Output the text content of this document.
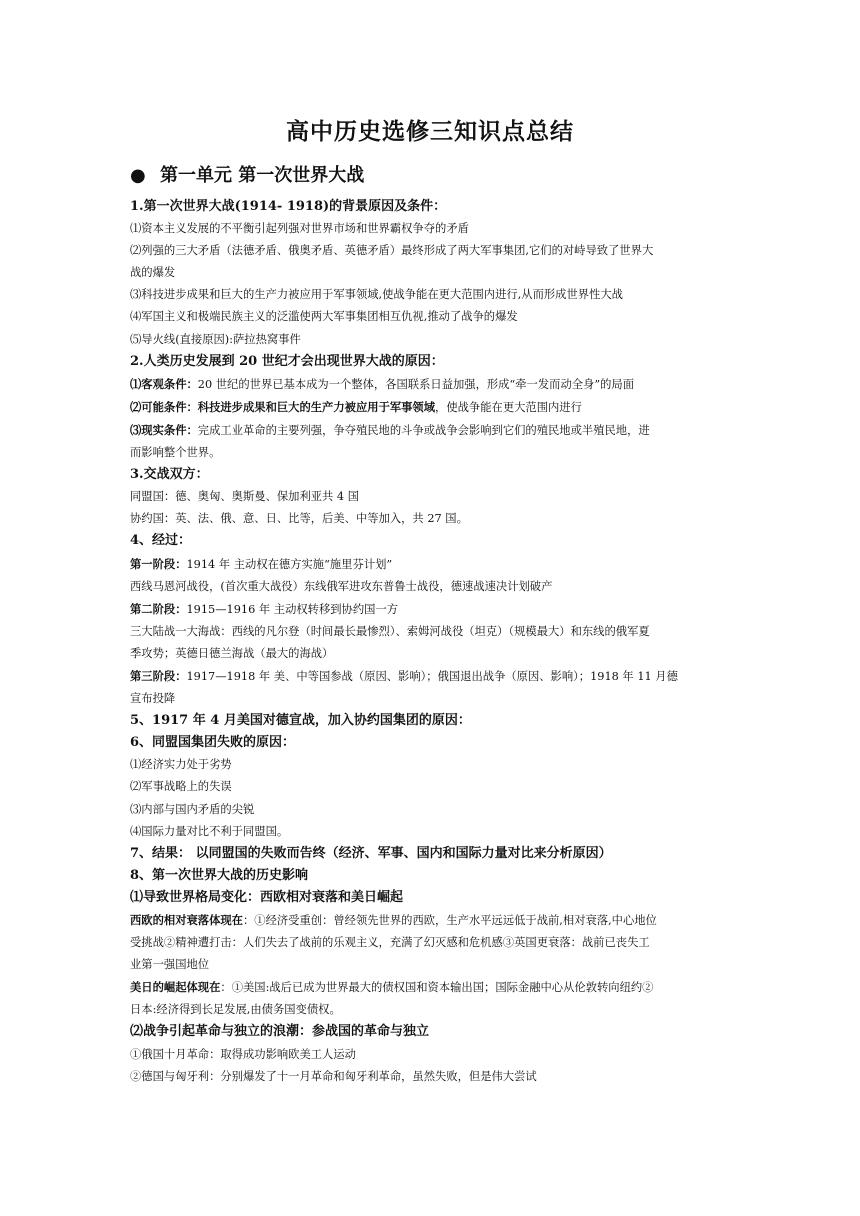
高中历史选修三知识点总结
● 第一单元 第一次世界大战
1.第一次世界大战(1914- 1918)的背景原因及条件：
⑴资本主义发展的不平衡引起列强对世界市场和世界霸权争夺的矛盾
⑵列强的三大矛盾（法德矛盾、俄奥矛盾、英德矛盾）最终形成了两大军事集团,它们的对峙导致了世界大
战的爆发
⑶科技进步成果和巨大的生产力被应用于军事领域,使战争能在更大范围内进行,从而形成世界性大战
⑷军国主义和极端民族主义的泛滥使两大军事集团相互仇视,推动了战争的爆发
⑸导火线(直接原因):萨拉热窝事件
2.人类历史发展到 20 世纪才会出现世界大战的原因：
⑴客观条件：20 世纪的世界已基本成为一个整体，各国联系日益加强，形成“牵一发而动全身”的局面
⑵可能条件：科技进步成果和巨大的生产力被应用于军事领域，使战争能在更大范围内进行
⑶现实条件：完成工业革命的主要列强，争夺殖民地的斗争或战争会影响到它们的殖民地或半殖民地，进
而影响整个世界。
3.交战双方：
同盟国：德、奥匈、奥斯曼、保加利亚共 4 国
协约国：英、法、俄、意、日、比等，后美、中等加入，共 27 国。
4、经过：
第一阶段：1914 年 主动权在德方实施“施里芬计划”
西线马恩河战役，(首次重大战役）东线俄军进攻东普鲁士战役，德速战速决计划破产
第二阶段：1915—1916 年 主动权转移到协约国一方
三大陆战一大海战：西线的凡尔登（时间最长最惨烈）、索姆河战役（坦克）（规模最大）和东线的俄军夏
季攻势；英德日德兰海战（最大的海战）
第三阶段：1917—1918 年 美、中等国参战（原因、影响）；俄国退出战争（原因、影响）；1918 年 11 月德
宣布投降
5、1917 年 4 月美国对德宣战，加入协约国集团的原因：
6、同盟国集团失败的原因：
⑴经济实力处于劣势
⑵军事战略上的失误
⑶内部与国内矛盾的尖锐
⑷国际力量对比不利于同盟国。
7、结果： 以同盟国的失败而告终（经济、军事、国内和国际力量对比来分析原因）
8、第一次世界大战的历史影响
⑴导致世界格局变化：西欧相对衰落和美日崛起
西欧的相对衰落体现在：①经济受重创：曾经领先世界的西欧，生产水平远远低于战前,相对衰落,中心地位
受挑战②精神遭打击：人们失去了战前的乐观主义，充满了幻灭感和危机感③英国更衰落：战前已丧失工
业第一强国地位
美日的崛起体现在：①美国:战后已成为世界最大的债权国和资本输出国；国际金融中心从伦敦转向纽约②
日本:经济得到长足发展,由债务国变债权。
⑵战争引起革命与独立的浪潮：参战国的革命与独立
①俄国十月革命：取得成功影响欧美工人运动
②德国与匈牙利：分别爆发了十一月革命和匈牙利革命，虽然失败，但是伟大尝试
